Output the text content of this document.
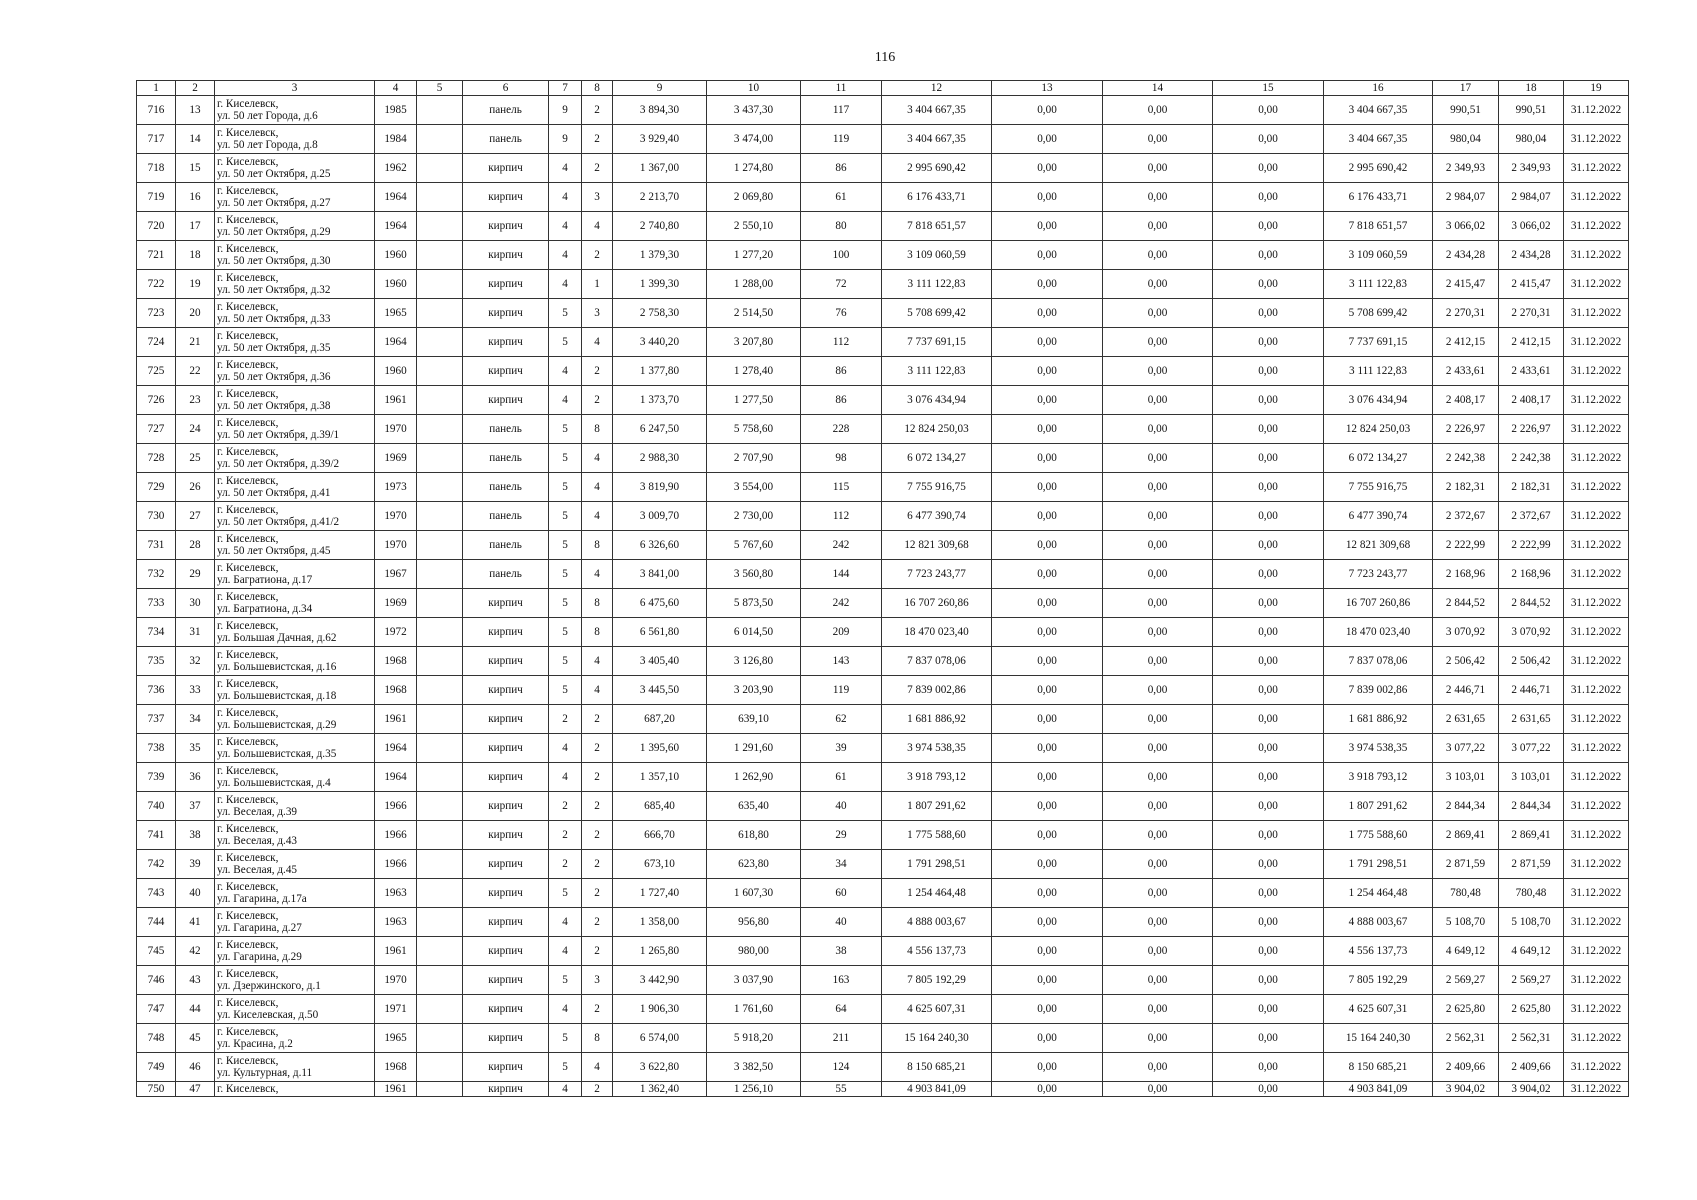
116
1	2	3	4	5	6	7	8	9	10	11	12	13	14	15	16	17	18	19
716	13	г. Киселевск,
ул. 50 лет Города, д.6	1985		панель	9	2	3 894,30	3 437,30	117	3 404 667,35	0,00	0,00	0,00	3 404 667,35	990,51	990,51	31.12.2022
717	14	г. Киселевск,
ул. 50 лет Города, д.8	1984		панель	9	2	3 929,40	3 474,00	119	3 404 667,35	0,00	0,00	0,00	3 404 667,35	980,04	980,04	31.12.2022
718	15	г. Киселевск,
ул. 50 лет Октября, д.25	1962		кирпич	4	2	1 367,00	1 274,80	86	2 995 690,42	0,00	0,00	0,00	2 995 690,42	2 349,93	2 349,93	31.12.2022
719	16	г. Киселевск,
ул. 50 лет Октября, д.27	1964		кирпич	4	3	2 213,70	2 069,80	61	6 176 433,71	0,00	0,00	0,00	6 176 433,71	2 984,07	2 984,07	31.12.2022
720	17	г. Киселевск,
ул. 50 лет Октября, д.29	1964		кирпич	4	4	2 740,80	2 550,10	80	7 818 651,57	0,00	0,00	0,00	7 818 651,57	3 066,02	3 066,02	31.12.2022
721	18	г. Киселевск,
ул. 50 лет Октября, д.30	1960		кирпич	4	2	1 379,30	1 277,20	100	3 109 060,59	0,00	0,00	0,00	3 109 060,59	2 434,28	2 434,28	31.12.2022
722	19	г. Киселевск,
ул. 50 лет Октября, д.32	1960		кирпич	4	1	1 399,30	1 288,00	72	3 111 122,83	0,00	0,00	0,00	3 111 122,83	2 415,47	2 415,47	31.12.2022
723	20	г. Киселевск,
ул. 50 лет Октября, д.33	1965		кирпич	5	3	2 758,30	2 514,50	76	5 708 699,42	0,00	0,00	0,00	5 708 699,42	2 270,31	2 270,31	31.12.2022
724	21	г. Киселевск,
ул. 50 лет Октября, д.35	1964		кирпич	5	4	3 440,20	3 207,80	112	7 737 691,15	0,00	0,00	0,00	7 737 691,15	2 412,15	2 412,15	31.12.2022
725	22	г. Киселевск,
ул. 50 лет Октября, д.36	1960		кирпич	4	2	1 377,80	1 278,40	86	3 111 122,83	0,00	0,00	0,00	3 111 122,83	2 433,61	2 433,61	31.12.2022
726	23	г. Киселевск,
ул. 50 лет Октября, д.38	1961		кирпич	4	2	1 373,70	1 277,50	86	3 076 434,94	0,00	0,00	0,00	3 076 434,94	2 408,17	2 408,17	31.12.2022
727	24	г. Киселевск,
ул. 50 лет Октября, д.39/1	1970		панель	5	8	6 247,50	5 758,60	228	12 824 250,03	0,00	0,00	0,00	12 824 250,03	2 226,97	2 226,97	31.12.2022
728	25	г. Киселевск,
ул. 50 лет Октября, д.39/2	1969		панель	5	4	2 988,30	2 707,90	98	6 072 134,27	0,00	0,00	0,00	6 072 134,27	2 242,38	2 242,38	31.12.2022
729	26	г. Киселевск,
ул. 50 лет Октября, д.41	1973		панель	5	4	3 819,90	3 554,00	115	7 755 916,75	0,00	0,00	0,00	7 755 916,75	2 182,31	2 182,31	31.12.2022
730	27	г. Киселевск,
ул. 50 лет Октября, д.41/2	1970		панель	5	4	3 009,70	2 730,00	112	6 477 390,74	0,00	0,00	0,00	6 477 390,74	2 372,67	2 372,67	31.12.2022
731	28	г. Киселевск,
ул. 50 лет Октября, д.45	1970		панель	5	8	6 326,60	5 767,60	242	12 821 309,68	0,00	0,00	0,00	12 821 309,68	2 222,99	2 222,99	31.12.2022
732	29	г. Киселевск,
ул. Багратиона, д.17	1967		панель	5	4	3 841,00	3 560,80	144	7 723 243,77	0,00	0,00	0,00	7 723 243,77	2 168,96	2 168,96	31.12.2022
733	30	г. Киселевск,
ул. Багратиона, д.34	1969		кирпич	5	8	6 475,60	5 873,50	242	16 707 260,86	0,00	0,00	0,00	16 707 260,86	2 844,52	2 844,52	31.12.2022
734	31	г. Киселевск,
ул. Большая Дачная, д.62	1972		кирпич	5	8	6 561,80	6 014,50	209	18 470 023,40	0,00	0,00	0,00	18 470 023,40	3 070,92	3 070,92	31.12.2022
735	32	г. Киселевск,
ул. Большевистская, д.16	1968		кирпич	5	4	3 405,40	3 126,80	143	7 837 078,06	0,00	0,00	0,00	7 837 078,06	2 506,42	2 506,42	31.12.2022
736	33	г. Киселевск,
ул. Большевистская, д.18	1968		кирпич	5	4	3 445,50	3 203,90	119	7 839 002,86	0,00	0,00	0,00	7 839 002,86	2 446,71	2 446,71	31.12.2022
737	34	г. Киселевск,
ул. Большевистская, д.29	1961		кирпич	2	2	687,20	639,10	62	1 681 886,92	0,00	0,00	0,00	1 681 886,92	2 631,65	2 631,65	31.12.2022
738	35	г. Киселевск,
ул. Большевистская, д.35	1964		кирпич	4	2	1 395,60	1 291,60	39	3 974 538,35	0,00	0,00	0,00	3 974 538,35	3 077,22	3 077,22	31.12.2022
739	36	г. Киселевск,
ул. Большевистская, д.4	1964		кирпич	4	2	1 357,10	1 262,90	61	3 918 793,12	0,00	0,00	0,00	3 918 793,12	3 103,01	3 103,01	31.12.2022
740	37	г. Киселевск,
ул. Веселая, д.39	1966		кирпич	2	2	685,40	635,40	40	1 807 291,62	0,00	0,00	0,00	1 807 291,62	2 844,34	2 844,34	31.12.2022
741	38	г. Киселевск,
ул. Веселая, д.43	1966		кирпич	2	2	666,70	618,80	29	1 775 588,60	0,00	0,00	0,00	1 775 588,60	2 869,41	2 869,41	31.12.2022
742	39	г. Киселевск,
ул. Веселая, д.45	1966		кирпич	2	2	673,10	623,80	34	1 791 298,51	0,00	0,00	0,00	1 791 298,51	2 871,59	2 871,59	31.12.2022
743	40	г. Киселевск,
ул. Гагарина, д.17а	1963		кирпич	5	2	1 727,40	1 607,30	60	1 254 464,48	0,00	0,00	0,00	1 254 464,48	780,48	780,48	31.12.2022
744	41	г. Киселевск,
ул. Гагарина, д.27	1963		кирпич	4	2	1 358,00	956,80	40	4 888 003,67	0,00	0,00	0,00	4 888 003,67	5 108,70	5 108,70	31.12.2022
745	42	г. Киселевск,
ул. Гагарина, д.29	1961		кирпич	4	2	1 265,80	980,00	38	4 556 137,73	0,00	0,00	0,00	4 556 137,73	4 649,12	4 649,12	31.12.2022
746	43	г. Киселевск,
ул. Дзержинского, д.1	1970		кирпич	5	3	3 442,90	3 037,90	163	7 805 192,29	0,00	0,00	0,00	7 805 192,29	2 569,27	2 569,27	31.12.2022
747	44	г. Киселевск,
ул. Киселевская, д.50	1971		кирпич	4	2	1 906,30	1 761,60	64	4 625 607,31	0,00	0,00	0,00	4 625 607,31	2 625,80	2 625,80	31.12.2022
748	45	г. Киселевск,
ул. Красина, д.2	1965		кирпич	5	8	6 574,00	5 918,20	211	15 164 240,30	0,00	0,00	0,00	15 164 240,30	2 562,31	2 562,31	31.12.2022
749	46	г. Киселевск,
ул. Культурная, д.11	1968		кирпич	5	4	3 622,80	3 382,50	124	8 150 685,21	0,00	0,00	0,00	8 150 685,21	2 409,66	2 409,66	31.12.2022
750	47	г. Киселевск,	1961		кирпич	4	2	1 362,40	1 256,10	55	4 903 841,09	0,00	0,00	0,00	4 903 841,09	3 904,02	3 904,02	31.12.2022
